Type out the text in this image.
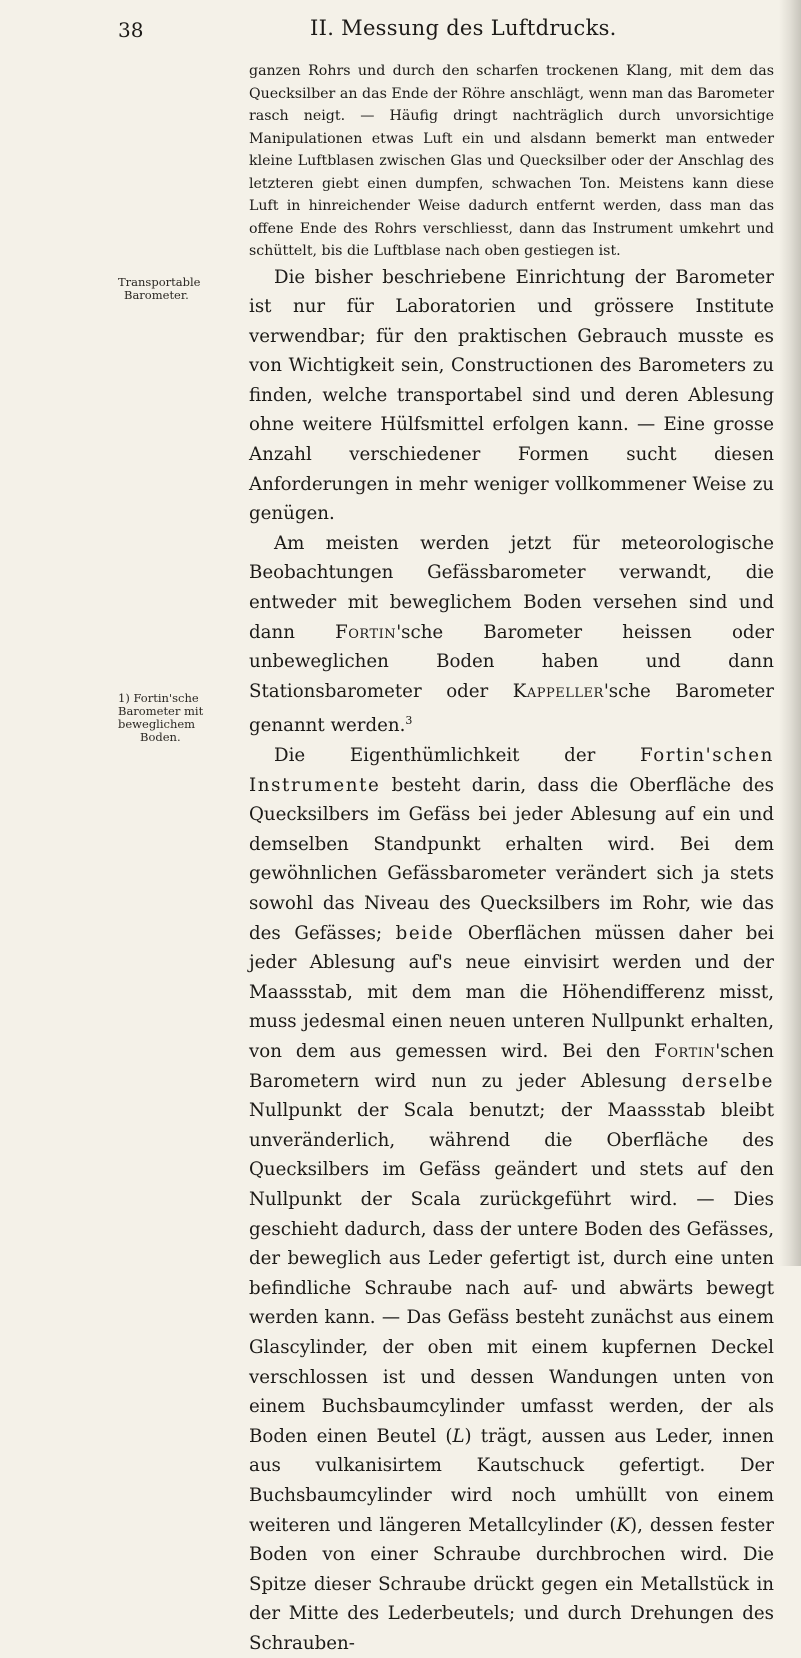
38	II. Messung des Luftdrucks.
Transportable
Barometer.
1) Fortin'sche
Barometer mit
beweglichem
Boden.

ganzen Rohrs und durch den scharfen trockenen Klang, mit dem das Quecksilber an das Ende der Röhre anschlägt, wenn man das Barometer rasch neigt. — Häufig dringt nachträglich durch unvorsichtige Manipulationen etwas Luft ein und alsdann bemerkt man entweder kleine Luftblasen zwischen Glas und Quecksilber oder der Anschlag des letzteren giebt einen dumpfen, schwachen Ton. Meistens kann diese Luft in hinreichender Weise dadurch entfernt werden, dass man das offene Ende des Rohrs verschliesst, dann das Instrument umkehrt und schüttelt, bis die Luftblase nach oben gestiegen ist.

Die bisher beschriebene Einrichtung der Barometer ist nur für Laboratorien und grössere Institute verwendbar; für den praktischen Gebrauch musste es von Wichtigkeit sein, Constructionen des Barometers zu finden, welche transportabel sind und deren Ablesung ohne weitere Hülfsmittel erfolgen kann. — Eine grosse Anzahl verschiedener Formen sucht diesen Anforderungen in mehr weniger vollkommener Weise zu genügen.

Am meisten werden jetzt für meteorologische Beobachtungen Gefässbarometer verwandt, die entweder mit beweglichem Boden versehen sind und dann Fortin'sche Barometer heissen oder unbeweglichen Boden haben und dann Stationsbarometer oder Kappeller'sche Barometer genannt werden.$^3$

Die Eigenthümlichkeit der Fortin'schen Instrumente besteht darin, dass die Oberfläche des Quecksilbers im Gefäss bei jeder Ablesung auf ein und demselben Standpunkt erhalten wird. Bei dem gewöhnlichen Gefässbarometer verändert sich ja stets sowohl das Niveau des Quecksilbers im Rohr, wie das des Gefässes; beide Oberflächen müssen daher bei jeder Ablesung auf's neue einvisirt werden und der Maassstab, mit dem man die Höhendifferenz misst, muss jedesmal einen neuen unteren Nullpunkt erhalten, von dem aus gemessen wird. Bei den Fortin'schen Barometern wird nun zu jeder Ablesung derselbe Nullpunkt der Scala benutzt; der Maassstab bleibt unveränderlich, während die Oberfläche des Quecksilbers im Gefäss geändert und stets auf den Nullpunkt der Scala zurückgeführt wird. — Dies geschieht dadurch, dass der untere Boden des Gefässes, der beweglich aus Leder gefertigt ist, durch eine unten befindliche Schraube nach auf- und abwärts bewegt werden kann. — Das Gefäss besteht zunächst aus einem Glascylinder, der oben mit einem kupfernen Deckel verschlossen ist und dessen Wandungen unten von einem Buchsbaumcylinder umfasst werden, der als Boden einen Beutel (L) trägt, aussen aus Leder, innen aus vulkanisirtem Kautschuck gefertigt. Der Buchsbaumcylinder wird noch umhüllt von einem weiteren und längeren Metallcylinder (K), dessen fester Boden von einer Schraube durchbrochen wird. Die Spitze dieser Schraube drückt gegen ein Metallstück in der Mitte des Lederbeutels; und durch Drehungen des Schrauben-
